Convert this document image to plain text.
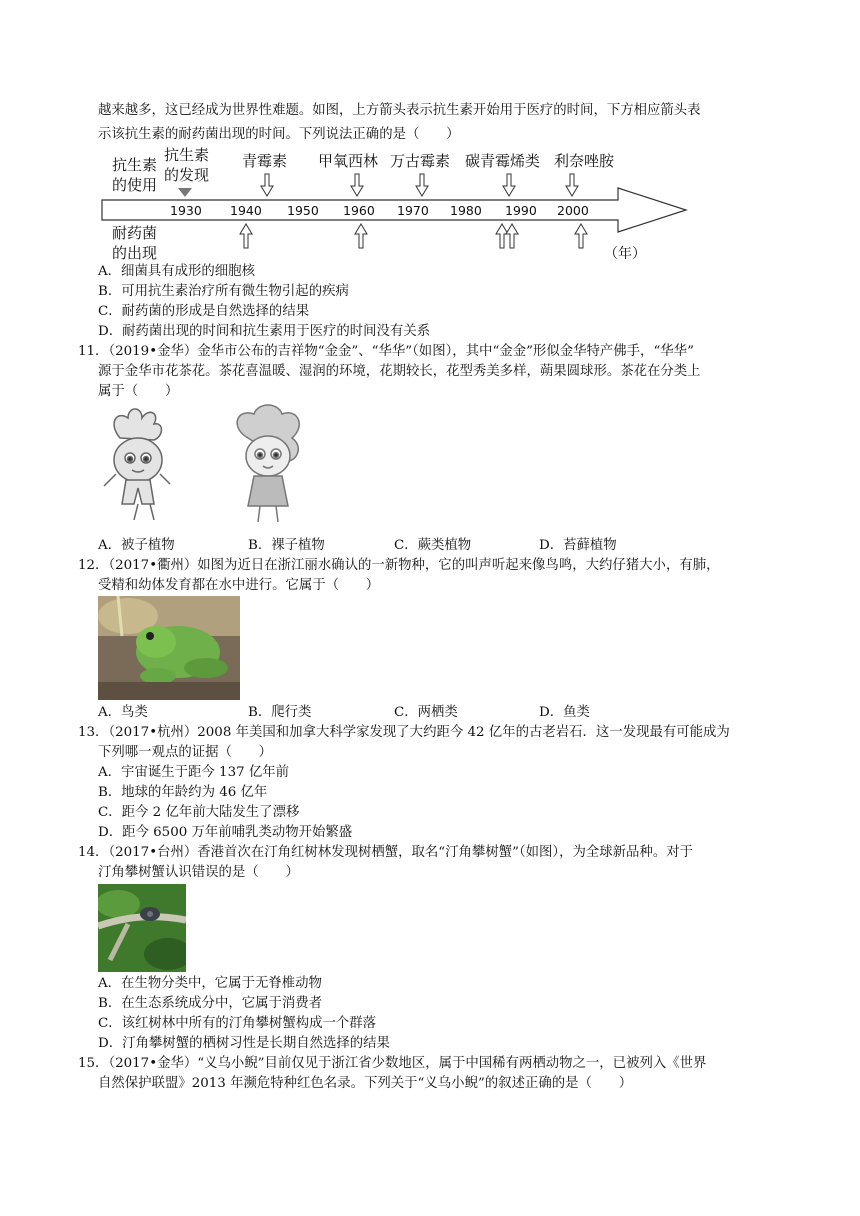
越来越多，这已经成为世界性难题。如图，上方箭头表示抗生素开始用于医疗的时间，下方相应箭头表
示该抗生素的耐药菌出现的时间。下列说法正确的是（　　）
抗生素
的使用
耐药菌
的出现
抗生素
的发现
青霉素 甲氧西林 万古霉素 碳青霉烯类 利奈唑胺
1930 1940 1950 1960 1970 1980 1990 2000
（年）
A．细菌具有成形的细胞核
B．可用抗生素治疗所有微生物引起的疾病
C．耐药菌的形成是自然选择的结果
D．耐药菌出现的时间和抗生素用于医疗的时间没有关系
11．（2019•金华）金华市公布的吉祥物“金金”、“华华”（如图），其中“金金”形似金华特产佛手，“华华”
源于金华市花茶花。茶花喜温暖、湿润的环境，花期较长，花型秀美多样，蒴果圆球形。茶花在分类上
属于（　　）
A．被子植物	B．裸子植物	C．蕨类植物	D．苔藓植物
12．（2017•衢州）如图为近日在浙江丽水确认的一新物种，它的叫声听起来像鸟鸣，大约仔猪大小，有肺，
受精和幼体发育都在水中进行。它属于（　　）
A．鸟类	B．爬行类	C．两栖类	D．鱼类
13．（2017•杭州）2008 年美国和加拿大科学家发现了大约距今 42 亿年的古老岩石．这一发现最有可能成为
下列哪一观点的证据（　　）
A．宇宙诞生于距今 137 亿年前
B．地球的年龄约为 46 亿年
C．距今 2 亿年前大陆发生了漂移
D．距今 6500 万年前哺乳类动物开始繁盛
14．（2017•台州）香港首次在汀角红树林发现树栖蟹，取名“汀角攀树蟹”（如图），为全球新品种。对于
汀角攀树蟹认识错误的是（　　）
A．在生物分类中，它属于无脊椎动物
B．在生态系统成分中，它属于消费者
C．该红树林中所有的汀角攀树蟹构成一个群落
D．汀角攀树蟹的栖树习性是长期自然选择的结果
15．（2017•金华）“义乌小鲵”目前仅见于浙江省少数地区，属于中国稀有两栖动物之一，已被列入《世界
自然保护联盟》2013 年濒危特种红色名录。下列关于“义乌小鲵”的叙述正确的是（　　）
